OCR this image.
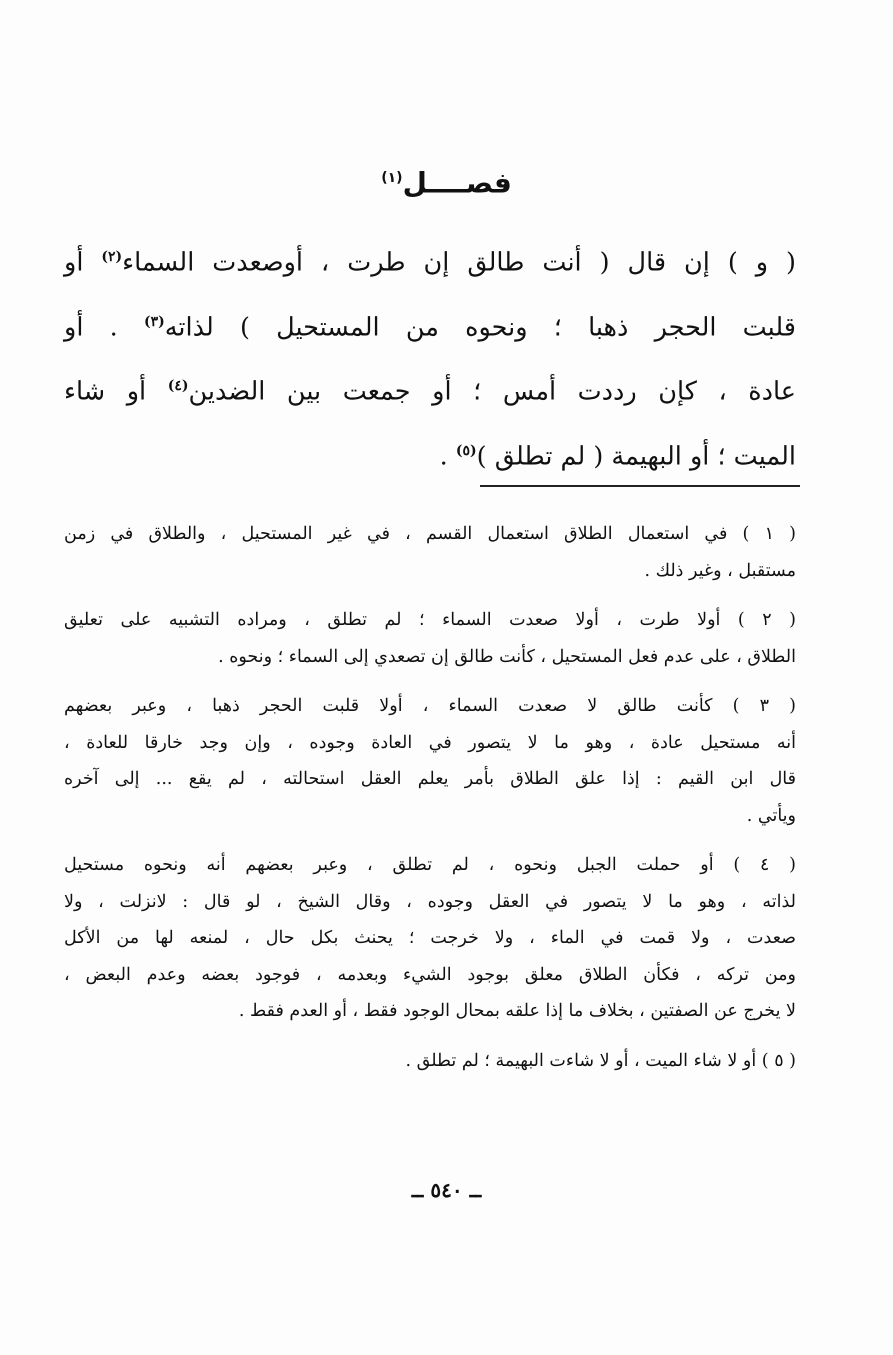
فصــــل$^{(١)}$
( و ) إن قال ( أنت طالق إن طرت ، أوصعدت السماء$^{(٢)}$ أو
قلبت الحجر ذهبا ؛ ونحوه من المستحيل ) لذاته$^{(٣)}$ . أو
عادة ، كإن رددت أمس ؛ أو جمعت بين الضدين$^{(٤)}$ أو شاء
الميت ؛ أو البهيمة ( لم تطلق )$^{(٥)}$ .
( ١ ) في استعمال الطلاق استعمال القسم ، في غير المستحيل ، والطلاق في زمن
مستقبل ، وغير ذلك .
( ٢ ) أولا طرت ، أولا صعدت السماء ؛ لم تطلق ، ومراده التشبيه على تعليق
الطلاق ، على عدم فعل المستحيل ، كأنت طالق إن تصعدي إلى السماء ؛ ونحوه .
( ٣ ) كأنت طالق لا صعدت السماء ، أولا قلبت الحجر ذهبا ، وعبر بعضهم
أنه مستحيل عادة ، وهو ما لا يتصور في العادة وجوده ، وإن وجد خارقا للعادة ،
قال ابن القيم : إذا علق الطلاق بأمر يعلم العقل استحالته ، لم يقع ... إلى آخره
ويأتي .
( ٤ ) أو حملت الجبل ونحوه ، لم تطلق ، وعبر بعضهم أنه ونحوه مستحيل
لذاته ، وهو ما لا يتصور في العقل وجوده ، وقال الشيخ ، لو قال : لانزلت ، ولا
صعدت ، ولا قمت في الماء ، ولا خرجت ؛ يحنث بكل حال ، لمنعه لها من الأكل
ومن تركه ، فكأن الطلاق معلق بوجود الشيء وبعدمه ، فوجود بعضه وعدم البعض ،
لا يخرج عن الصفتين ، بخلاف ما إذا علقه بمحال الوجود فقط ، أو العدم فقط .
( ٥ ) أو لا شاء الميت ، أو لا شاءت البهيمة ؛ لم تطلق .
ــ ٥٤٠ ــ
